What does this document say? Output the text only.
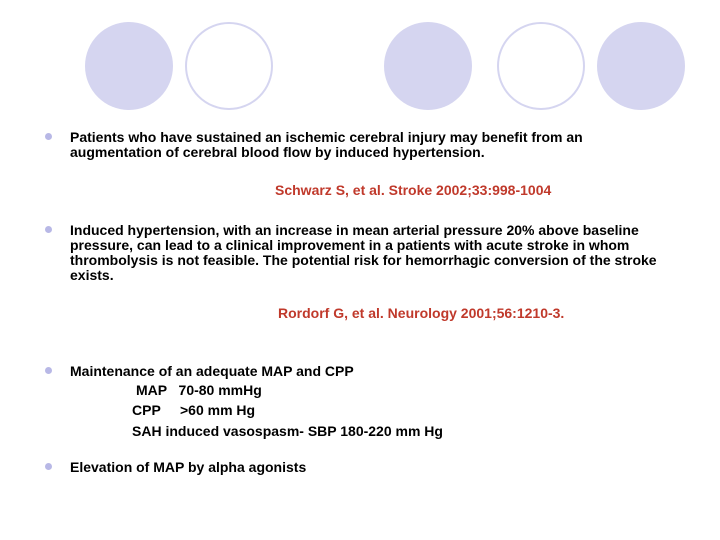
Patients who have sustained an ischemic cerebral injury may benefit from an augmentation of cerebral blood flow by induced hypertension.
Schwarz S, et al. Stroke 2002;33:998-1004
Induced hypertension, with an increase in mean arterial pressure 20% above baseline pressure, can lead to a clinical improvement in a patients with acute stroke in whom thrombolysis is not feasible. The potential risk for hemorrhagic conversion of the stroke exists.
Rordorf G, et al. Neurology 2001;56:1210-3.
Maintenance of an adequate MAP and CPP
MAP   70-80 mmHg
CPP     >60 mm Hg
SAH induced vasospasm- SBP 180-220 mm Hg
Elevation of MAP by alpha agonists
